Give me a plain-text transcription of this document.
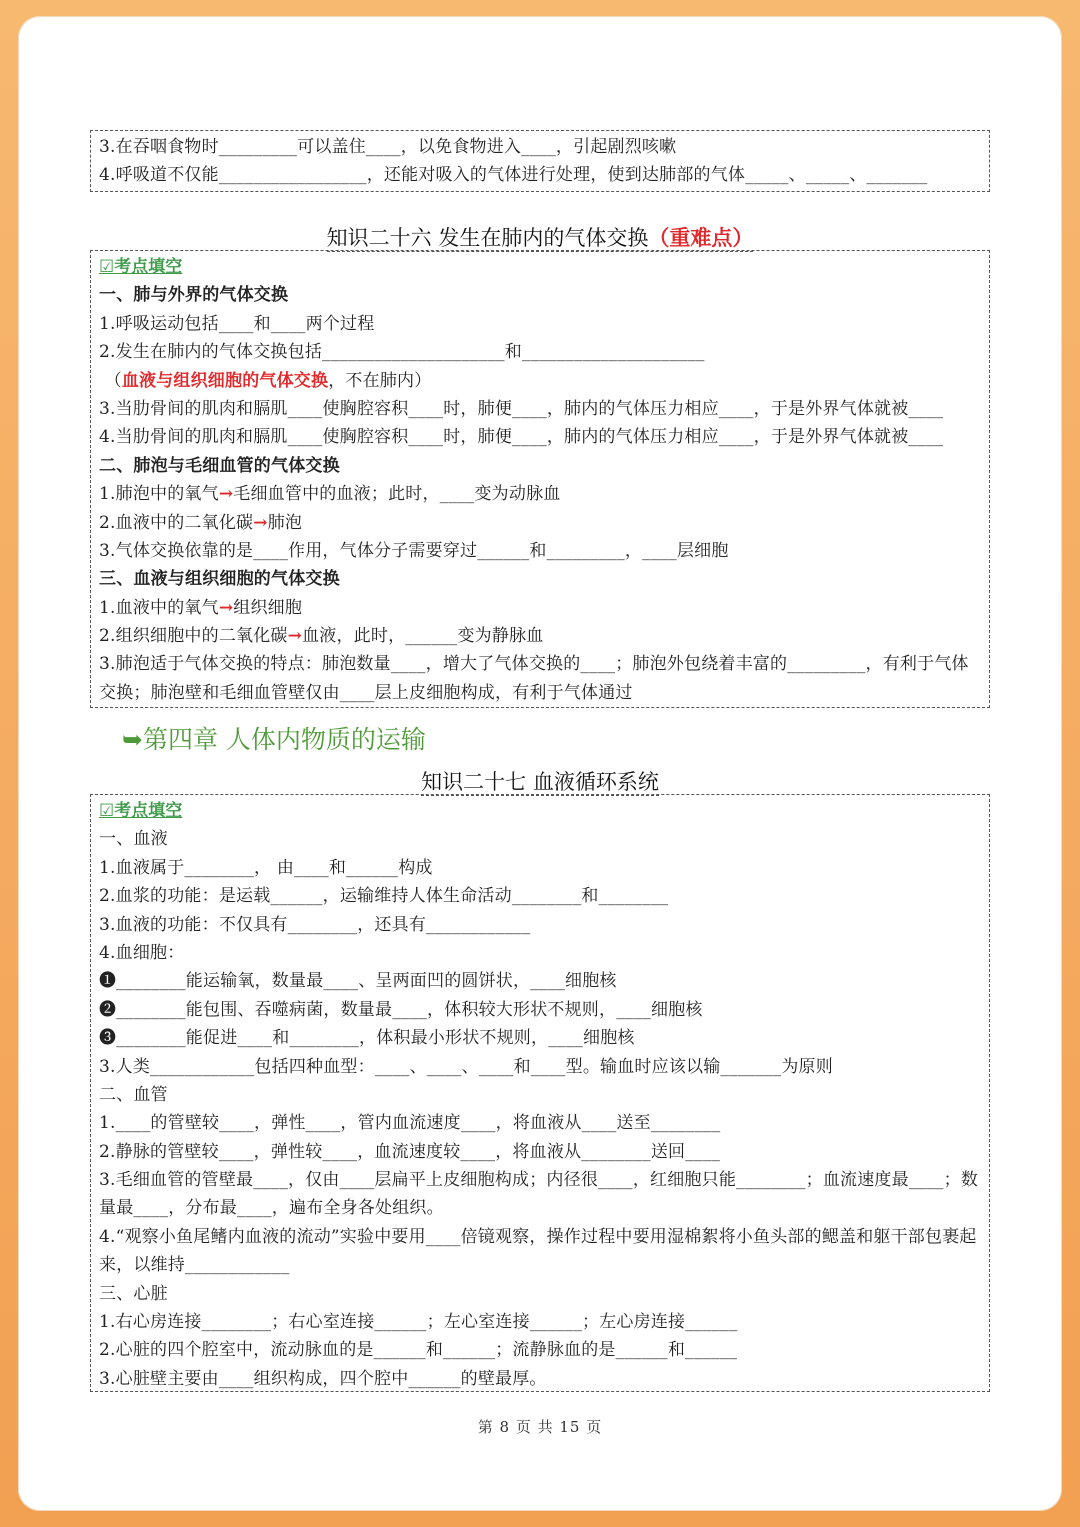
3.在吞咽食物时_________可以盖住____，以免食物进入____，引起剧烈咳嗽
4.呼吸道不仅能_________________，还能对吸入的气体进行处理，使到达肺部的气体_____、_____、_______
知识二十六 发生在肺内的气体交换（重难点）
☑考点填空
一、肺与外界的气体交换
1.呼吸运动包括____和____两个过程
2.发生在肺内的气体交换包括_____________________和_____________________
（血液与组织细胞的气体交换，不在肺内）
3.当肋骨间的肌肉和膈肌____使胸腔容积____时，肺便____，肺内的气体压力相应____，于是外界气体就被____
4.当肋骨间的肌肉和膈肌____使胸腔容积____时，肺便____，肺内的气体压力相应____，于是外界气体就被____
二、肺泡与毛细血管的气体交换
1.肺泡中的氧气→毛细血管中的血液；此时，____变为动脉血
2.血液中的二氧化碳→肺泡
3.气体交换依靠的是____作用，气体分子需要穿过______和_________，____层细胞
三、血液与组织细胞的气体交换
1.血液中的氧气→组织细胞
2.组织细胞中的二氧化碳→血液，此时，______变为静脉血
3.肺泡适于气体交换的特点：肺泡数量____，增大了气体交换的____；肺泡外包绕着丰富的_________，有利于气体交换；肺泡壁和毛细血管壁仅由____层上皮细胞构成，有利于气体通过
➥第四章 人体内物质的运输
知识二十七 血液循环系统
☑考点填空
一、血液
1.血液属于________， 由____和______构成
2.血浆的功能：是运载______，运输维持人体生命活动________和________
3.血液的功能：不仅具有________，还具有____________
4.血细胞：
❶________能运输氧，数量最____、呈两面凹的圆饼状，____细胞核
❷________能包围、吞噬病菌，数量最____，体积较大形状不规则，____细胞核
❸________能促进____和________，体积最小形状不规则，____细胞核
3.人类____________包括四种血型：____、____、____和____型。输血时应该以输_______为原则
二、血管
1.____的管壁较____，弹性____，管内血流速度____，将血液从____送至________
2.静脉的管壁较____，弹性较____，血流速度较____，将血液从________送回____
3.毛细血管的管壁最____，仅由____层扁平上皮细胞构成；内径很____，红细胞只能________；血流速度最____；数量最____，分布最____，遍布全身各处组织。
4.“观察小鱼尾鳍内血液的流动”实验中要用____倍镜观察，操作过程中要用湿棉絮将小鱼头部的鳃盖和躯干部包裹起来，以维持____________
三、心脏
1.右心房连接________；右心室连接______；左心室连接______；左心房连接______
2.心脏的四个腔室中，流动脉血的是______和______；流静脉血的是______和______
3.心脏壁主要由____组织构成，四个腔中______的壁最厚。
第 8 页 共 15 页
